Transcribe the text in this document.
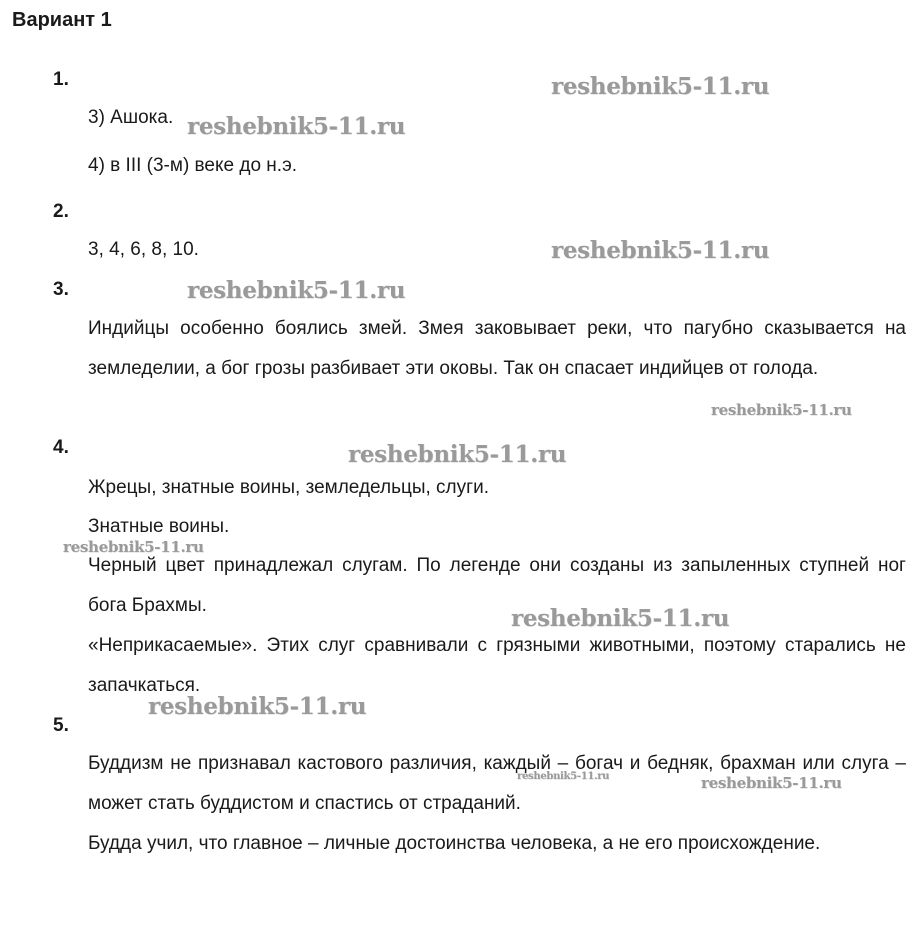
Вариант 1
reshebnik5-11.ru
reshebnik5-11.ru
reshebnik5-11.ru
reshebnik5-11.ru
reshebnik5-11.ru
reshebnik5-11.ru
reshebnik5-11.ru
reshebnik5-11.ru
reshebnik5-11.ru
reshebnik5-11.ru	reshebnik5-11.ru
1.
3) Ашока.
4) в III (3-м) веке до н.э.
2.
3, 4, 6, 8, 10.
3.

Индийцы особенно боялись змей. Змея заковывает реки, что пагубно сказывается на земледелии, а бог грозы разбивает эти оковы. Так он спасает индийцев от голода.

4.
Жрецы, знатные воины, земледельцы, слуги.
Знатные воины.

Черный цвет принадлежал слугам. По легенде они созданы из запыленных ступней ног бога Брахмы.

«Неприкасаемые». Этих слуг сравнивали с грязными животными, поэтому старались не запачкаться.

5.

Буддизм не признавал кастового различия, каждый – богач и бедняк, брахман или слуга – может стать буддистом и спастись от страданий.

Будда учил, что главное – личные достоинства человека, а не его происхождение.
